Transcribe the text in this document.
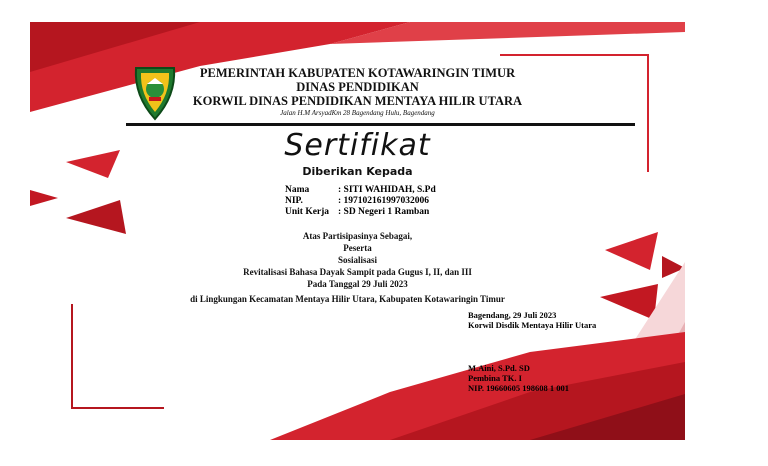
PEMERINTAH KABUPATEN KOTAWARINGIN TIMUR
DINAS PENDIDIKAN
KORWIL DINAS PENDIDIKAN MENTAYA HILIR UTARA
Jalan H.M ArsyadKm 28 Bagendang Hulu, Bagendang
Sertifikat
Diberikan Kepada
Nama	: SITI WAHIDAH, S.Pd
NIP.	: 197102161997032006
Unit Kerja : SD Negeri 1 Ramban
Atas Partisipasinya Sebagai,
Peserta
Sosialisasi
Revitalisasi Bahasa Dayak Sampit pada Gugus I, II, dan III
Pada Tanggal 29 Juli 2023
di Lingkungan Kecamatan Mentaya Hilir Utara, Kabupaten Kotawaringin Timur
Bagendang, 29 Juli 2023
Korwil Disdik Mentaya Hilir Utara
M.Aini, S.Pd. SD
Pembina TK. I
NIP. 19660605 198608 1 001
